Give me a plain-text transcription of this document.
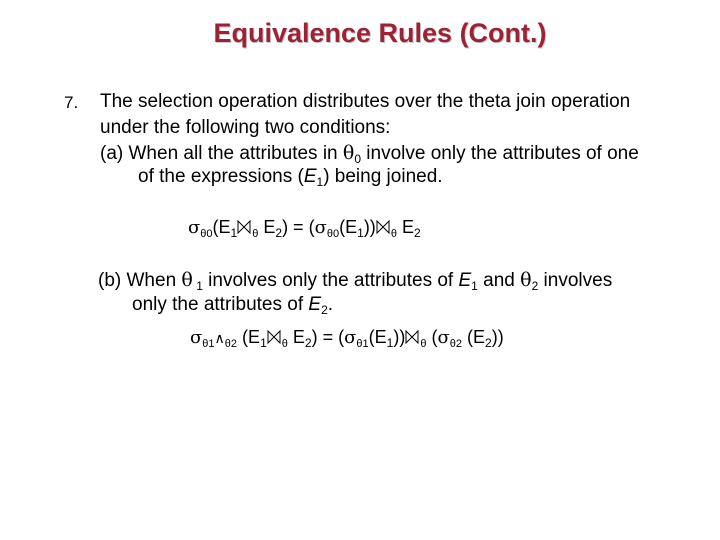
Equivalence Rules (Cont.)
7. The selection operation distributes over the theta join operation
under the following two conditions:
(a) When all the attributes in $\theta_0$ involve only the attributes of one
of the expressions $(E_1)$ being joined.
$\sigma_{\theta 0}(E_1$ $_\theta$ $E_2) = (\sigma_{\theta 0}(E_1))$ $_\theta$ $E_2$
(b) When θ $_1$ involves only the attributes of $E_1$ and $\theta_2$ involves
only the attributes of $E_2$.
$\sigma_{\theta 1}\wedge_{\theta 2}$ ($E_1$ $_\theta$ $E_2) = (\sigma_{\theta 1}(E_1))$ $_\theta$ ($\sigma_{\theta 2}$ $(E_2)$)
